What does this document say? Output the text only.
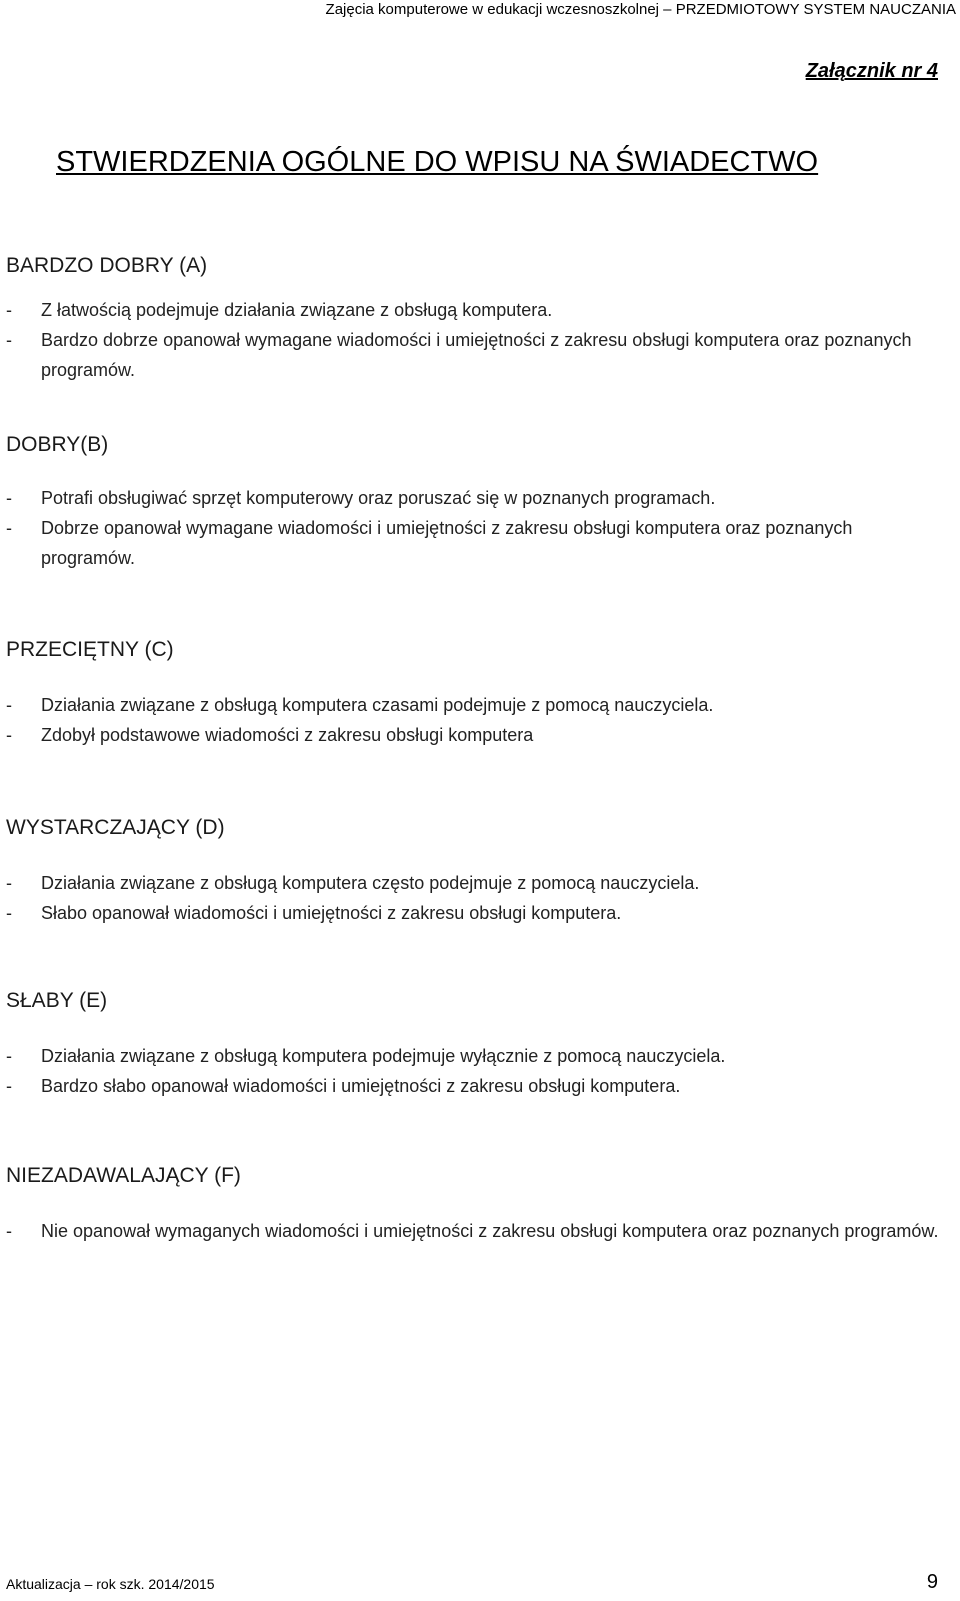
Zajęcia komputerowe w edukacji wczesnoszkolnej – PRZEDMIOTOWY SYSTEM NAUCZANIA
Załącznik nr 4
STWIERDZENIA OGÓLNE DO WPISU NA ŚWIADECTWO
BARDZO DOBRY (A)
- Z łatwością podejmuje działania związane z obsługą komputera.
- Bardzo dobrze opanował wymagane wiadomości i umiejętności z zakresu obsługi komputera oraz poznanych programów.
DOBRY(B)
- Potrafi obsługiwać sprzęt komputerowy oraz poruszać się w poznanych programach.
- Dobrze opanował wymagane wiadomości i umiejętności z zakresu obsługi komputera oraz poznanych programów.
PRZECIĘTNY (C)
- Działania związane z obsługą komputera czasami podejmuje z pomocą nauczyciela.
- Zdobył podstawowe wiadomości z zakresu obsługi komputera
WYSTARCZAJĄCY (D)
- Działania związane z obsługą komputera często podejmuje z pomocą nauczyciela.
- Słabo opanował wiadomości i umiejętności z zakresu obsługi komputera.
SŁABY (E)
- Działania związane z obsługą komputera podejmuje wyłącznie z pomocą nauczyciela.
- Bardzo słabo opanował wiadomości i umiejętności z zakresu obsługi komputera.
NIEZADAWALAJĄCY (F)
- Nie opanował wymaganych wiadomości i umiejętności z zakresu obsługi komputera oraz poznanych programów.
Aktualizacja – rok szk. 2014/2015	9
